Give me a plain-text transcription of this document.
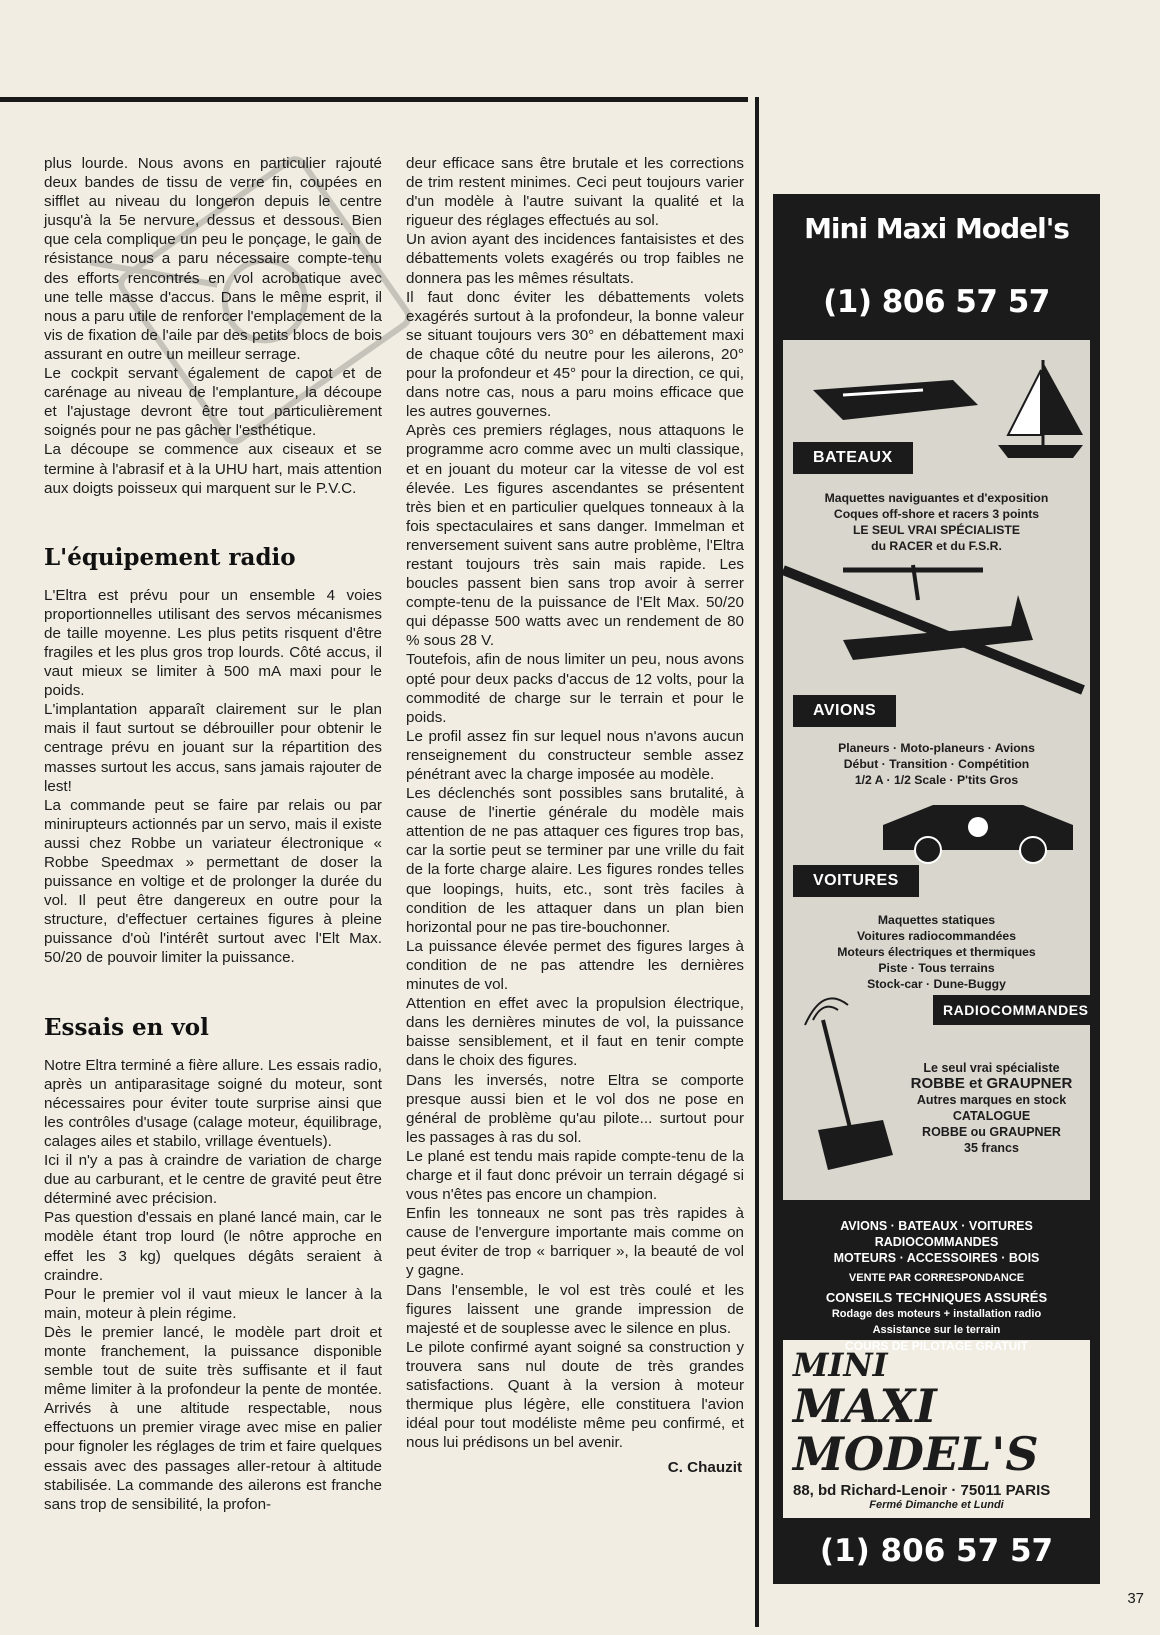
plus lourde. Nous avons en particulier rajouté deux bandes de tissu de verre fin, coupées en sifflet au niveau du longeron depuis le centre jusqu'à la 5e nervure, dessus et dessous. Bien que cela complique un peu le ponçage, le gain de résistance nous a paru nécessaire compte-tenu des efforts rencontrés en vol acrobatique avec une telle masse d'accus. Dans le même esprit, il nous a paru utile de renforcer l'emplacement de la vis de fixation de l'aile par des petits blocs de bois assurant en outre un meilleur serrage.

Le cockpit servant également de capot et de carénage au niveau de l'emplanture, la découpe et l'ajustage devront être tout particulièrement soignés pour ne pas gâcher l'esthétique.

La découpe se commence aux ciseaux et se termine à l'abrasif et à la UHU hart, mais attention aux doigts poisseux qui marquent sur le P.V.C.

L'équipement radio

L'Eltra est prévu pour un ensemble 4 voies proportionnelles utilisant des servos mécanismes de taille moyenne. Les plus petits risquent d'être fragiles et les plus gros trop lourds. Côté accus, il vaut mieux se limiter à 500 mA maxi pour le poids.

L'implantation apparaît clairement sur le plan mais il faut surtout se débrouiller pour obtenir le centrage prévu en jouant sur la répartition des masses surtout les accus, sans jamais rajouter de lest!

La commande peut se faire par relais ou par minirupteurs actionnés par un servo, mais il existe aussi chez Robbe un variateur électronique « Robbe Speedmax » permettant de doser la puissance en voltige et de prolonger la durée du vol. Il peut être dangereux en outre pour la structure, d'effectuer certaines figures à pleine puissance d'où l'intérêt surtout avec l'Elt Max. 50/20 de pouvoir limiter la puissance.

Essais en vol

Notre Eltra terminé a fière allure. Les essais radio, après un antiparasitage soigné du moteur, sont nécessaires pour éviter toute surprise ainsi que les contrôles d'usage (calage moteur, équilibrage, calages ailes et stabilo, vrillage éventuels).

Ici il n'y a pas à craindre de variation de charge due au carburant, et le centre de gravité peut être déterminé avec précision.

Pas question d'essais en plané lancé main, car le modèle étant trop lourd (le nôtre approche en effet les 3 kg) quelques dégâts seraient à craindre.

Pour le premier vol il vaut mieux le lancer à la main, moteur à plein régime.

Dès le premier lancé, le modèle part droit et monte franchement, la puissance disponible semble tout de suite très suffisante et il faut même limiter à la profondeur la pente de montée. Arrivés à une altitude respectable, nous effectuons un premier virage avec mise en palier pour fignoler les réglages de trim et faire quelques essais avec des passages aller-retour à altitude stabilisée. La commande des ailerons est franche sans trop de sensibilité, la profon-

deur efficace sans être brutale et les corrections de trim restent minimes. Ceci peut toujours varier d'un modèle à l'autre suivant la qualité et la rigueur des réglages effectués au sol.

Un avion ayant des incidences fantaisistes et des débattements volets exagérés ou trop faibles ne donnera pas les mêmes résultats.

Il faut donc éviter les débattements volets exagérés surtout à la profondeur, la bonne valeur se situant toujours vers 30° en débattement maxi de chaque côté du neutre pour les ailerons, 20° pour la profondeur et 45° pour la direction, ce qui, dans notre cas, nous a paru moins efficace que les autres gouvernes.

Après ces premiers réglages, nous attaquons le programme acro comme avec un multi classique, et en jouant du moteur car la vitesse de vol est élevée. Les figures ascendantes se présentent très bien et en particulier quelques tonneaux à la fois spectaculaires et sans danger. Immelman et renversement suivent sans autre problème, l'Eltra restant toujours très sain mais rapide. Les boucles passent bien sans trop avoir à serrer compte-tenu de la puissance de l'Elt Max. 50/20 qui dépasse 500 watts avec un rendement de 80 % sous 28 V.

Toutefois, afin de nous limiter un peu, nous avons opté pour deux packs d'accus de 12 volts, pour la commodité de charge sur le terrain et pour le poids.

Le profil assez fin sur lequel nous n'avons aucun renseignement du constructeur semble assez pénétrant avec la charge imposée au modèle.

Les déclenchés sont possibles sans brutalité, à cause de l'inertie générale du modèle mais attention de ne pas attaquer ces figures trop bas, car la sortie peut se terminer par une vrille du fait de la forte charge alaire. Les figures rondes telles que loopings, huits, etc., sont très faciles à condition de les attaquer dans un plan bien horizontal pour ne pas tire-bouchonner.

La puissance élevée permet des figures larges à condition de ne pas attendre les dernières minutes de vol.

Attention en effet avec la propulsion électrique, dans les dernières minutes de vol, la puissance baisse sensiblement, et il faut en tenir compte dans le choix des figures.

Dans les inversés, notre Eltra se comporte presque aussi bien et le vol dos ne pose en général de problème qu'au pilote... surtout pour les passages à ras du sol.

Le plané est tendu mais rapide compte-tenu de la charge et il faut donc prévoir un terrain dégagé si vous n'êtes pas encore un champion.

Enfin les tonneaux ne sont pas très rapides à cause de l'envergure importante mais comme on peut éviter de trop « barriquer », la beauté de vol y gagne.

Dans l'ensemble, le vol est très coulé et les figures laissent une grande impression de majesté et de souplesse avec le silence en plus.

Le pilote confirmé ayant soigné sa construction y trouvera sans nul doute de très grandes satisfactions. Quant à la version à moteur thermique plus légère, elle constituera l'avion idéal pour tout modéliste même peu confirmé, et nous lui prédisons un bel avenir.

C. Chauzit
Mini Maxi Model's
(1) 806 57 57
BATEAUX
Maquettes naviguantes et d'exposition
Coques off-shore et racers 3 points
LE SEUL VRAI SPÉCIALISTE
du RACER et du F.S.R.
AVIONS
Planeurs · Moto-planeurs · Avions
Début · Transition · Compétition
1/2 A · 1/2 Scale · P'tits Gros
VOITURES
Maquettes statiques
Voitures radiocommandées
Moteurs électriques et thermiques
Piste · Tous terrains
Stock-car · Dune-Buggy
RADIOCOMMANDES
Le seul vrai spécialiste
ROBBE et GRAUPNER
Autres marques en stock
CATALOGUE
ROBBE ou GRAUPNER
35 francs
AVIONS · BATEAUX · VOITURES
RADIOCOMMANDES
MOTEURS · ACCESSOIRES · BOIS
VENTE PAR CORRESPONDANCE
CONSEILS TECHNIQUES ASSURÉS
Rodage des moteurs + installation radio
Assistance sur le terrain
COURS DE PILOTAGE GRATUIT
MINI
MAXI
MODEL'S
88, bd Richard-Lenoir · 75011 PARIS
Fermé Dimanche et Lundi
(1) 806 57 57
37
